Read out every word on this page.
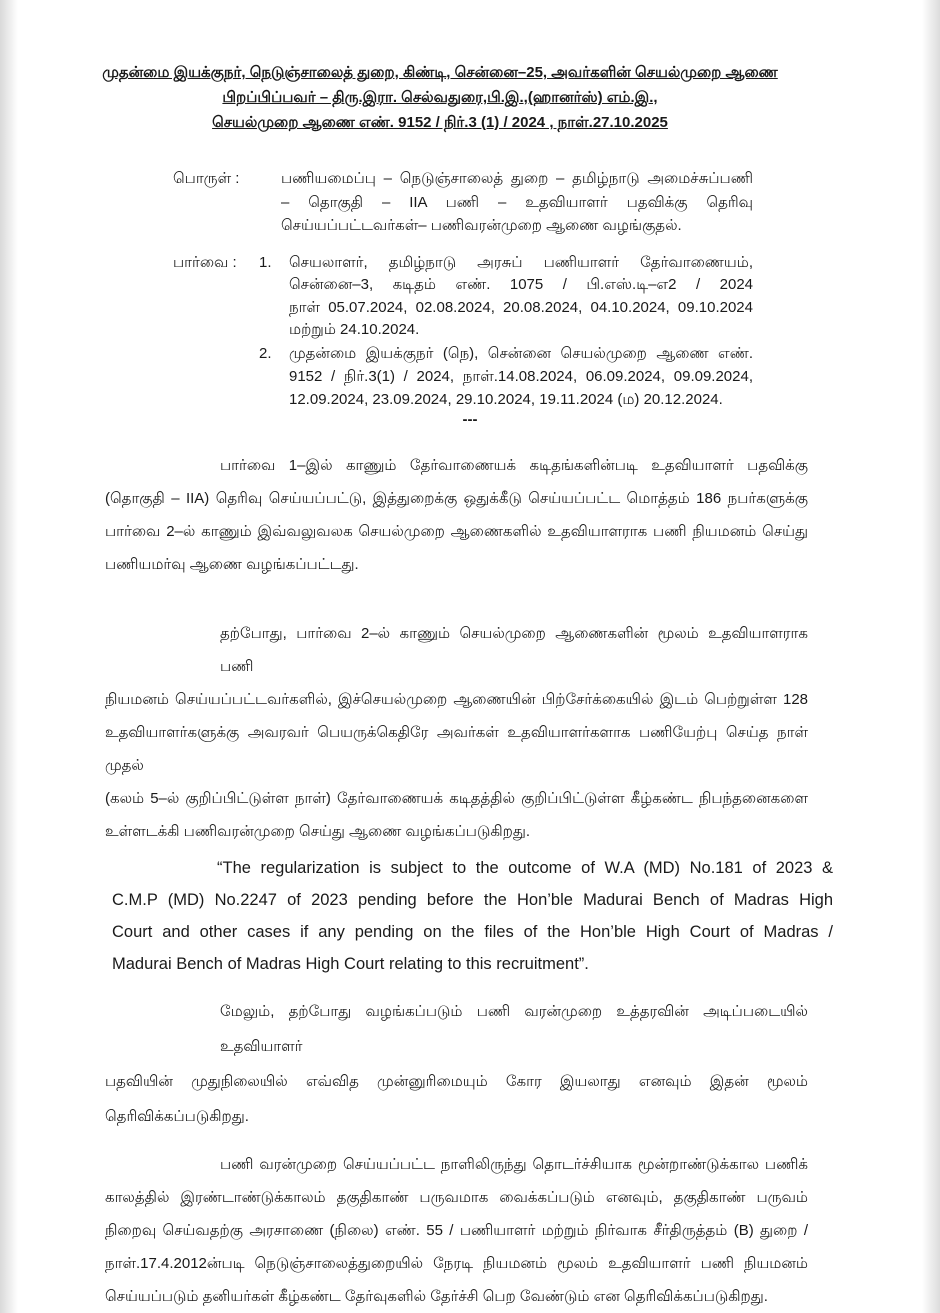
முதன்மை இயக்குநர், நெடுஞ்சாலைத் துறை, கிண்டி, சென்னை–25, அவர்களின் செயல்முறை ஆணை
பிறப்பிப்பவர் – திரு.இரா. செல்வதுரை,பி.இ.,(ஹானர்ஸ்) எம்.இ.,
செயல்முறை ஆணை எண். 9152 / நிர்.3 (1) / 2024 , நாள்.27.10.2025
பொருள் :	பணியமைப்பு – நெடுஞ்சாலைத் துறை – தமிழ்நாடு அமைச்சுப்பணி
– தொகுதி – IIA பணி – உதவியாளர் பதவிக்கு தெரிவு
செய்யப்பட்டவர்கள்– பணிவரன்முறை ஆணை வழங்குதல்.
பார்வை :	1.	செயலாளர், தமிழ்நாடு அரசுப் பணியாளர் தேர்வாணையம்,
சென்னை–3, கடிதம் எண். 1075 / பி.எஸ்.டி–எ2 / 2024
நாள் 05.07.2024, 02.08.2024, 20.08.2024, 04.10.2024, 09.10.2024
மற்றும் 24.10.2024.
2.	முதன்மை இயக்குநர் (நெ), சென்னை செயல்முறை ஆணை எண்.
9152 / நிர்.3(1) / 2024, நாள்.14.08.2024, 06.09.2024, 09.09.2024,
12.09.2024, 23.09.2024, 29.10.2024, 19.11.2024 (ம) 20.12.2024.
---
பார்வை 1–இல் காணும் தேர்வாணையக் கடிதங்களின்படி உதவியாளர் பதவிக்கு
(தொகுதி – IIA) தெரிவு செய்யப்பட்டு, இத்துறைக்கு ஒதுக்கீடு செய்யப்பட்ட மொத்தம் 186 நபர்களுக்கு
பார்வை 2–ல் காணும் இவ்வலுவலக செயல்முறை ஆணைகளில் உதவியாளராக பணி நியமனம் செய்து
பணியமர்வு ஆணை வழங்கப்பட்டது.
தற்போது, பார்வை 2–ல் காணும் செயல்முறை ஆணைகளின் மூலம் உதவியாளராக பணி
நியமனம் செய்யப்பட்டவர்களில், இச்செயல்முறை ஆணையின் பிற்சேர்க்கையில் இடம் பெற்றுள்ள 128
உதவியாளர்களுக்கு அவரவர் பெயருக்கெதிரே அவர்கள் உதவியாளர்களாக பணியேற்பு செய்த நாள் முதல்
(கலம் 5–ல் குறிப்பிட்டுள்ள நாள்) தேர்வாணையக் கடிதத்தில் குறிப்பிட்டுள்ள கீழ்கண்ட நிபந்தனைகளை
உள்ளடக்கி பணிவரன்முறை செய்து ஆணை வழங்கப்படுகிறது.
“The regularization is subject to the outcome of W.A (MD) No.181 of 2023 &
C.M.P (MD) No.2247 of 2023 pending before the Hon’ble Madurai Bench of Madras High
Court and other cases if any pending on the files of the Hon’ble High Court of Madras /
Madurai Bench of Madras High Court relating to this recruitment”.
மேலும், தற்போது வழங்கப்படும் பணி வரன்முறை உத்தரவின் அடிப்படையில் உதவியாளர்
பதவியின் முதுநிலையில் எவ்வித முன்னுரிமையும் கோர இயலாது எனவும் இதன் மூலம்
தெரிவிக்கப்படுகிறது.
பணி வரன்முறை செய்யப்பட்ட நாளிலிருந்து தொடர்ச்சியாக மூன்றாண்டுக்கால பணிக்
காலத்தில் இரண்டாண்டுக்காலம் தகுதிகாண் பருவமாக வைக்கப்படும் எனவும், தகுதிகாண் பருவம்
நிறைவு செய்வதற்கு அரசாணை (நிலை) எண். 55 / பணியாளர் மற்றும் நிர்வாக சீர்திருத்தம் (B) துறை /
நாள்.17.4.2012ன்படி நெடுஞ்சாலைத்துறையில் நேரடி நியமனம் மூலம் உதவியாளர் பணி நியமனம்
செய்யப்படும் தனியர்கள் கீழ்கண்ட தேர்வுகளில் தேர்ச்சி பெற வேண்டும் என தெரிவிக்கப்படுகிறது.
